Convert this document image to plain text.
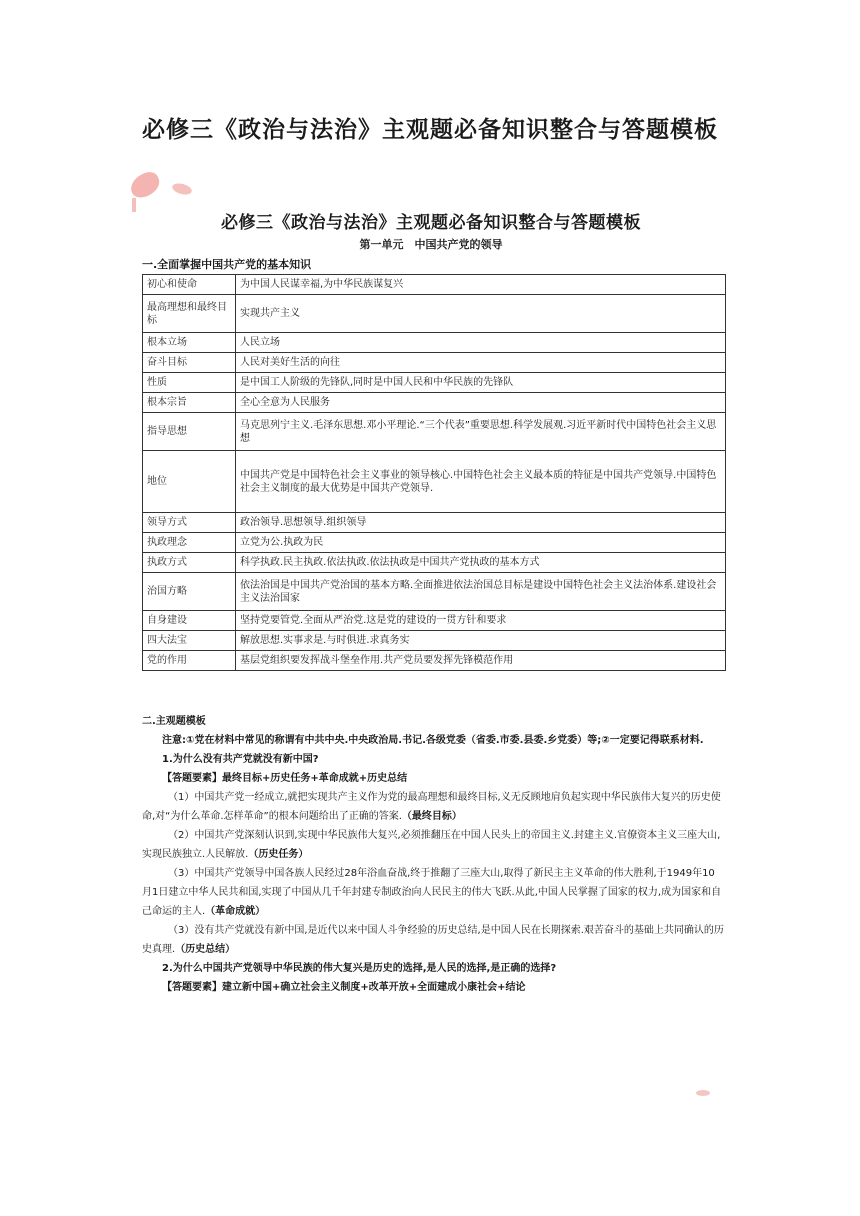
必修三《政治与法治》主观题必备知识整合与答题模板
必修三《政治与法治》主观题必备知识整合与答题模板
第一单元　中国共产党的领导
一.全面掌握中国共产党的基本知识
初心和使命	为中国人民谋幸福,为中华民族谋复兴
最高理想和最终目标	实现共产主义
根本立场	人民立场
奋斗目标	人民对美好生活的向往
性质	是中国工人阶级的先锋队,同时是中国人民和中华民族的先锋队
根本宗旨	全心全意为人民服务
指导思想	马克思列宁主义.毛泽东思想.邓小平理论.“三个代表”重要思想.科学发展观.习近平新时代中国特色社会主义思想
地位	中国共产党是中国特色社会主义事业的领导核心.中国特色社会主义最本质的特征是中国共产党领导.中国特色社会主义制度的最大优势是中国共产党领导.
领导方式	政治领导.思想领导.组织领导
执政理念	立党为公.执政为民
执政方式	科学执政.民主执政.依法执政.依法执政是中国共产党执政的基本方式
治国方略	依法治国是中国共产党治国的基本方略.全面推进依法治国总目标是建设中国特色社会主义法治体系.建设社会主义法治国家
自身建设	坚持党要管党.全面从严治党.这是党的建设的一贯方针和要求
四大法宝	解放思想.实事求是.与时俱进.求真务实
党的作用	基层党组织要发挥战斗堡垒作用.共产党员要发挥先锋模范作用

二.主观题模板

注意:①党在材料中常见的称谓有中共中央.中央政治局.书记.各级党委（省委.市委.县委.乡党委）等;②一定要记得联系材料.

1.为什么没有共产党就没有新中国?

【答题要素】最终目标+历史任务+革命成就+历史总结

（1）中国共产党一经成立,就把实现共产主义作为党的最高理想和最终目标,义无反顾地肩负起实现中华民族伟大复兴的历史使命,对“为什么革命.怎样革命”的根本问题给出了正确的答案.（最终目标）

（2）中国共产党深刻认识到,实现中华民族伟大复兴,必须推翻压在中国人民头上的帝国主义.封建主义.官僚资本主义三座大山,实现民族独立.人民解放.（历史任务）

（3）中国共产党领导中国各族人民经过28年浴血奋战,终于推翻了三座大山,取得了新民主主义革命的伟大胜利,于1949年10月1日建立中华人民共和国,实现了中国从几千年封建专制政治向人民民主的伟大飞跃.从此,中国人民掌握了国家的权力,成为国家和自己命运的主人.（革命成就）

（3）没有共产党就没有新中国,是近代以来中国人斗争经验的历史总结,是中国人民在长期探索.艰苦奋斗的基础上共同确认的历史真理.（历史总结）

2.为什么中国共产党领导中华民族的伟大复兴是历史的选择,是人民的选择,是正确的选择?

【答题要素】建立新中国+确立社会主义制度+改革开放+全面建成小康社会+结论
